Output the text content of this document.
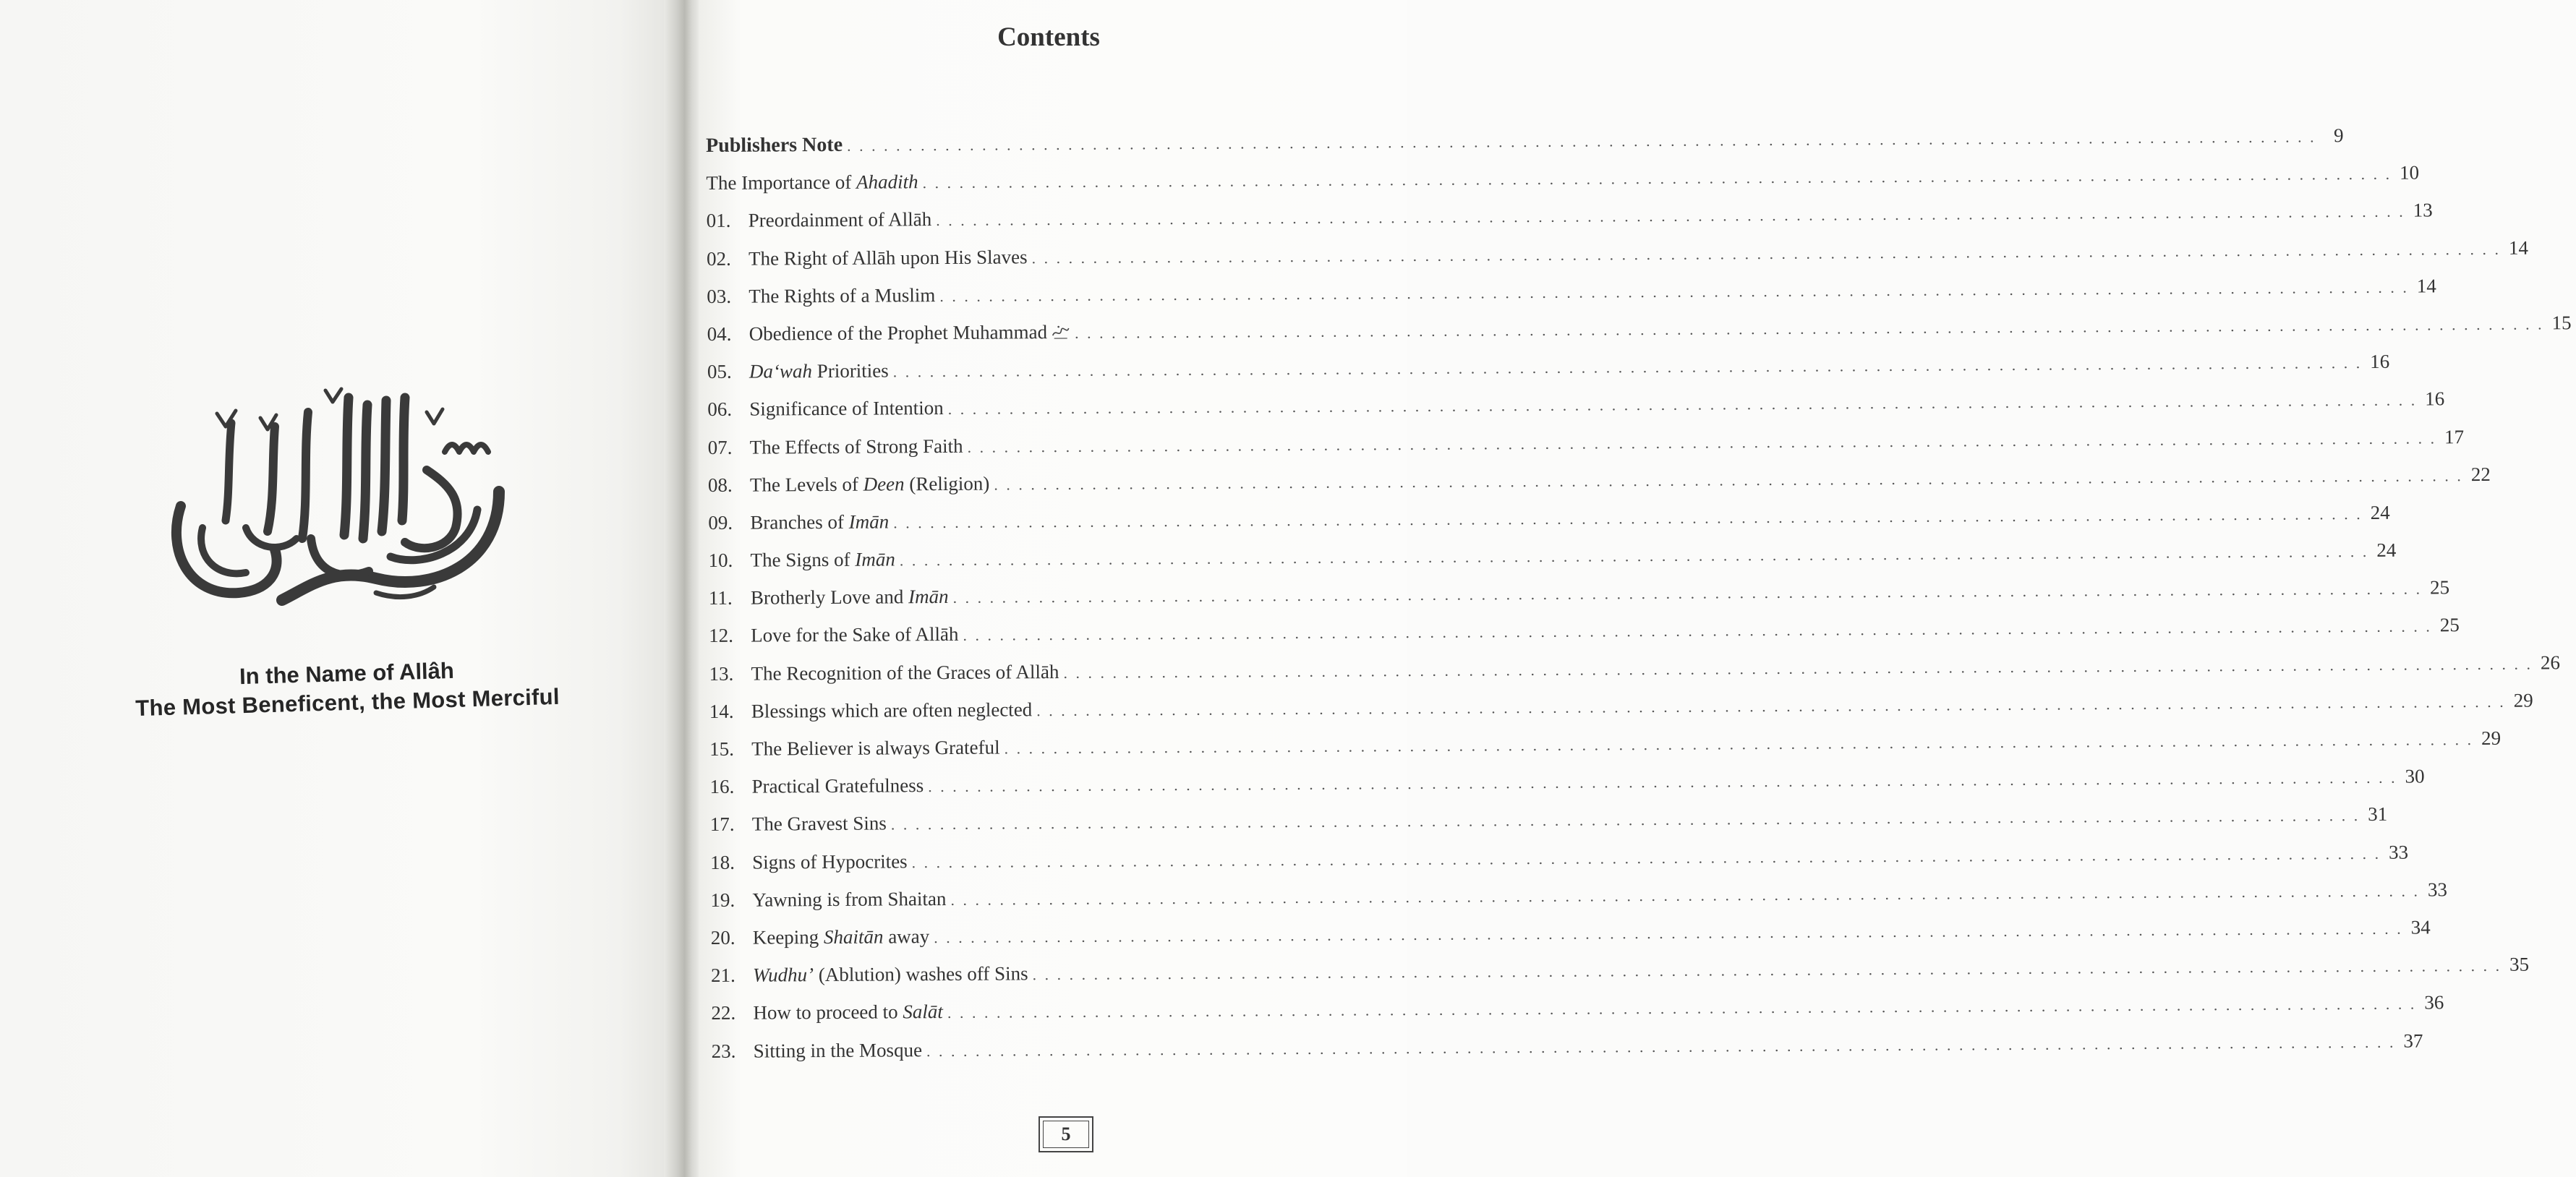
In the Name of Allâh
The Most Beneficent, the Most Merciful
Contents
Publishers Note . . . . . . . . . . . . . . . . . . . . . . . . . . . . . . . . . . . . . . . . . . . . . . . . . . . . . . . . . . . . . . . . . . . . . . . . . . . . . . . . . . . . . . . . . . . . . . . . . . . . . . . . . . . . . . . . . . . . . . . . 9
The Importance of Ahadith . . . . . . . . . . . . . . . . . . . . . . . . . . . . . . . . . . . . . . . . . . . . . . . . . . . . . . . . . . . . . . . . . . . . . . . . . . . . . . . . . . . . . . . . . . . . . . . . . . . . . . . . . . . . . . . . . . . . . . . . 10
01. Preordainment of Allāh . . . . . . . . . . . . . . . . . . . . . . . . . . . . . . . . . . . . . . . . . . . . . . . . . . . . . . . . . . . . . . . . . . . . . . . . . . . . . . . . . . . . . . . . . . . . . . . . . . . . . . . . . . . . . . . . . . . . . . . . 13
02. The Right of Allāh upon His Slaves . . . . . . . . . . . . . . . . . . . . . . . . . . . . . . . . . . . . . . . . . . . . . . . . . . . . . . . . . . . . . . . . . . . . . . . . . . . . . . . . . . . . . . . . . . . . . . . . . . . . . . . . . . . . . . . . . . . . . . . . 14
03. The Rights of a Muslim . . . . . . . . . . . . . . . . . . . . . . . . . . . . . . . . . . . . . . . . . . . . . . . . . . . . . . . . . . . . . . . . . . . . . . . . . . . . . . . . . . . . . . . . . . . . . . . . . . . . . . . . . . . . . . . . . . . . . . . . 14
04. Obedience of the Prophet Muhammad	. . . . . . . . . . . . . . . . . . . . . . . . . . . . . . . . . . . . . . . . . . . . . . . . . . . . . . . . . . . . . . . . . . . . . . . . . . . . . . . . . . . . . . . . . . . . . . . . . . . . . . . . . . . . . . . . . . . . . . . . 15
05. Da‘wah Priorities . . . . . . . . . . . . . . . . . . . . . . . . . . . . . . . . . . . . . . . . . . . . . . . . . . . . . . . . . . . . . . . . . . . . . . . . . . . . . . . . . . . . . . . . . . . . . . . . . . . . . . . . . . . . . . . . . . . . . . . . 16
06. Significance of Intention . . . . . . . . . . . . . . . . . . . . . . . . . . . . . . . . . . . . . . . . . . . . . . . . . . . . . . . . . . . . . . . . . . . . . . . . . . . . . . . . . . . . . . . . . . . . . . . . . . . . . . . . . . . . . . . . . . . . . . . . 16
07. The Effects of Strong Faith . . . . . . . . . . . . . . . . . . . . . . . . . . . . . . . . . . . . . . . . . . . . . . . . . . . . . . . . . . . . . . . . . . . . . . . . . . . . . . . . . . . . . . . . . . . . . . . . . . . . . . . . . . . . . . . . . . . . . . . . 17
08. The Levels of Deen (Religion) . . . . . . . . . . . . . . . . . . . . . . . . . . . . . . . . . . . . . . . . . . . . . . . . . . . . . . . . . . . . . . . . . . . . . . . . . . . . . . . . . . . . . . . . . . . . . . . . . . . . . . . . . . . . . . . . . . . . . . . . 22
09. Branches of Imān . . . . . . . . . . . . . . . . . . . . . . . . . . . . . . . . . . . . . . . . . . . . . . . . . . . . . . . . . . . . . . . . . . . . . . . . . . . . . . . . . . . . . . . . . . . . . . . . . . . . . . . . . . . . . . . . . . . . . . . . 24
10. The Signs of Imān . . . . . . . . . . . . . . . . . . . . . . . . . . . . . . . . . . . . . . . . . . . . . . . . . . . . . . . . . . . . . . . . . . . . . . . . . . . . . . . . . . . . . . . . . . . . . . . . . . . . . . . . . . . . . . . . . . . . . . . . 24
11. Brotherly Love and Imān . . . . . . . . . . . . . . . . . . . . . . . . . . . . . . . . . . . . . . . . . . . . . . . . . . . . . . . . . . . . . . . . . . . . . . . . . . . . . . . . . . . . . . . . . . . . . . . . . . . . . . . . . . . . . . . . . . . . . . . . 25
12. Love for the Sake of Allāh . . . . . . . . . . . . . . . . . . . . . . . . . . . . . . . . . . . . . . . . . . . . . . . . . . . . . . . . . . . . . . . . . . . . . . . . . . . . . . . . . . . . . . . . . . . . . . . . . . . . . . . . . . . . . . . . . . . . . . . . 25
13. The Recognition of the Graces of Allāh . . . . . . . . . . . . . . . . . . . . . . . . . . . . . . . . . . . . . . . . . . . . . . . . . . . . . . . . . . . . . . . . . . . . . . . . . . . . . . . . . . . . . . . . . . . . . . . . . . . . . . . . . . . . . . . . . . . . . . . . 26
14. Blessings which are often neglected . . . . . . . . . . . . . . . . . . . . . . . . . . . . . . . . . . . . . . . . . . . . . . . . . . . . . . . . . . . . . . . . . . . . . . . . . . . . . . . . . . . . . . . . . . . . . . . . . . . . . . . . . . . . . . . . . . . . . . . . 29
15. The Believer is always Grateful . . . . . . . . . . . . . . . . . . . . . . . . . . . . . . . . . . . . . . . . . . . . . . . . . . . . . . . . . . . . . . . . . . . . . . . . . . . . . . . . . . . . . . . . . . . . . . . . . . . . . . . . . . . . . . . . . . . . . . . . 29
16. Practical Gratefulness . . . . . . . . . . . . . . . . . . . . . . . . . . . . . . . . . . . . . . . . . . . . . . . . . . . . . . . . . . . . . . . . . . . . . . . . . . . . . . . . . . . . . . . . . . . . . . . . . . . . . . . . . . . . . . . . . . . . . . . . 30
17. The Gravest Sins . . . . . . . . . . . . . . . . . . . . . . . . . . . . . . . . . . . . . . . . . . . . . . . . . . . . . . . . . . . . . . . . . . . . . . . . . . . . . . . . . . . . . . . . . . . . . . . . . . . . . . . . . . . . . . . . . . . . . . . . 31
18. Signs of Hypocrites . . . . . . . . . . . . . . . . . . . . . . . . . . . . . . . . . . . . . . . . . . . . . . . . . . . . . . . . . . . . . . . . . . . . . . . . . . . . . . . . . . . . . . . . . . . . . . . . . . . . . . . . . . . . . . . . . . . . . . . . 33
19. Yawning is from Shaitan . . . . . . . . . . . . . . . . . . . . . . . . . . . . . . . . . . . . . . . . . . . . . . . . . . . . . . . . . . . . . . . . . . . . . . . . . . . . . . . . . . . . . . . . . . . . . . . . . . . . . . . . . . . . . . . . . . . . . . . . 33
20. Keeping Shaitān away . . . . . . . . . . . . . . . . . . . . . . . . . . . . . . . . . . . . . . . . . . . . . . . . . . . . . . . . . . . . . . . . . . . . . . . . . . . . . . . . . . . . . . . . . . . . . . . . . . . . . . . . . . . . . . . . . . . . . . . . 34
21. Wudhu’ (Ablution) washes off Sins . . . . . . . . . . . . . . . . . . . . . . . . . . . . . . . . . . . . . . . . . . . . . . . . . . . . . . . . . . . . . . . . . . . . . . . . . . . . . . . . . . . . . . . . . . . . . . . . . . . . . . . . . . . . . . . . . . . . . . . . 35
22. How to proceed to Salāt . . . . . . . . . . . . . . . . . . . . . . . . . . . . . . . . . . . . . . . . . . . . . . . . . . . . . . . . . . . . . . . . . . . . . . . . . . . . . . . . . . . . . . . . . . . . . . . . . . . . . . . . . . . . . . . . . . . . . . . . 36
23. Sitting in the Mosque . . . . . . . . . . . . . . . . . . . . . . . . . . . . . . . . . . . . . . . . . . . . . . . . . . . . . . . . . . . . . . . . . . . . . . . . . . . . . . . . . . . . . . . . . . . . . . . . . . . . . . . . . . . . . . . . . . . . . . . . 37
5
